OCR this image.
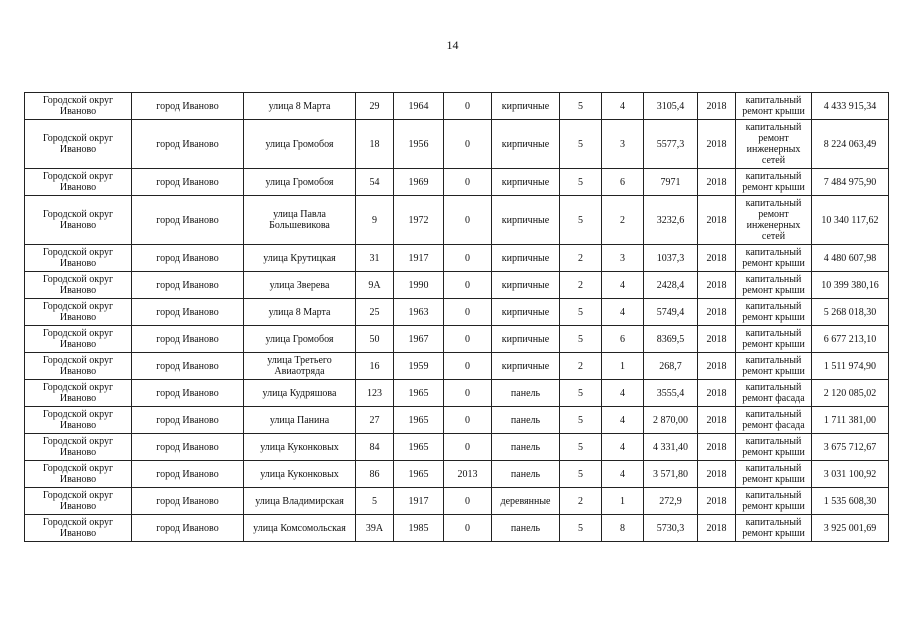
14
Городской округ Иваново	город Иваново	улица 8 Марта	29	1964	0	кирпичные	5	4	3105,4	2018	капитальный ремонт крыши	4 433 915,34
Городской округ Иваново	город Иваново	улица Громобоя	18	1956	0	кирпичные	5	3	5577,3	2018	капитальный ремонт инженерных сетей	8 224 063,49
Городской округ Иваново	город Иваново	улица Громобоя	54	1969	0	кирпичные	5	6	7971	2018	капитальный ремонт крыши	7 484 975,90
Городской округ Иваново	город Иваново	улица Павла Большевикова	9	1972	0	кирпичные	5	2	3232,6	2018	капитальный ремонт инженерных сетей	10 340 117,62
Городской округ Иваново	город Иваново	улица Крутицкая	31	1917	0	кирпичные	2	3	1037,3	2018	капитальный ремонт крыши	4 480 607,98
Городской округ Иваново	город Иваново	улица Зверева	9А	1990	0	кирпичные	2	4	2428,4	2018	капитальный ремонт крыши	10 399 380,16
Городской округ Иваново	город Иваново	улица 8 Марта	25	1963	0	кирпичные	5	4	5749,4	2018	капитальный ремонт крыши	5 268 018,30
Городской округ Иваново	город Иваново	улица Громобоя	50	1967	0	кирпичные	5	6	8369,5	2018	капитальный ремонт крыши	6 677 213,10
Городской округ Иваново	город Иваново	улица Третьего Авиаотряда	16	1959	0	кирпичные	2	1	268,7	2018	капитальный ремонт крыши	1 511 974,90
Городской округ Иваново	город Иваново	улица Кудряшова	123	1965	0	панель	5	4	3555,4	2018	капитальный ремонт фасада	2 120 085,02
Городской округ Иваново	город Иваново	улица Панина	27	1965	0	панель	5	4	2 870,00	2018	капитальный ремонт фасада	1 711 381,00
Городской округ Иваново	город Иваново	улица Куконковых	84	1965	0	панель	5	4	4 331,40	2018	капитальный ремонт крыши	3 675 712,67
Городской округ Иваново	город Иваново	улица Куконковых	86	1965	2013	панель	5	4	3 571,80	2018	капитальный ремонт крыши	3 031 100,92
Городской округ Иваново	город Иваново	улица Владимирская	5	1917	0	деревянные	2	1	272,9	2018	капитальный ремонт крыши	1 535 608,30
Городской округ Иваново	город Иваново	улица Комсомольская	39А	1985	0	панель	5	8	5730,3	2018	капитальный ремонт крыши	3 925 001,69
